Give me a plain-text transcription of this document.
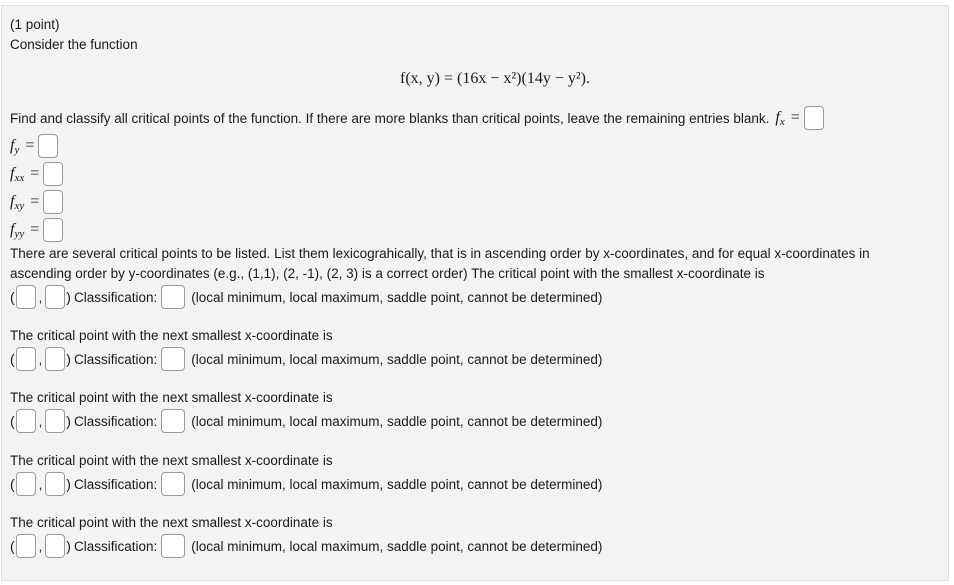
(1 point)
Consider the function
f(x, y) = (16x − x²)(14y − y²).
Find and classify all critical points of the function. If there are more blanks than critical points, leave the remaining entries blank. $f_x$ =
$f_y$ =
$f_{xx}$ =
$f_{xy}$ =
$f_{yy}$ =
There are several critical points to be listed. List them lexicograhically, that is in ascending order by x-coordinates, and for equal x-coordinates in
ascending order by y-coordinates (e.g., (1,1), (2, -1), (2, 3) is a correct order) The critical point with the smallest x-coordinate is
( , ) Classification:	(local minimum, local maximum, saddle point, cannot be determined)
The critical point with the next smallest x-coordinate is
( , ) Classification:	(local minimum, local maximum, saddle point, cannot be determined)
The critical point with the next smallest x-coordinate is
( , ) Classification:	(local minimum, local maximum, saddle point, cannot be determined)
The critical point with the next smallest x-coordinate is
( , ) Classification:	(local minimum, local maximum, saddle point, cannot be determined)
The critical point with the next smallest x-coordinate is
( , ) Classification:	(local minimum, local maximum, saddle point, cannot be determined)
